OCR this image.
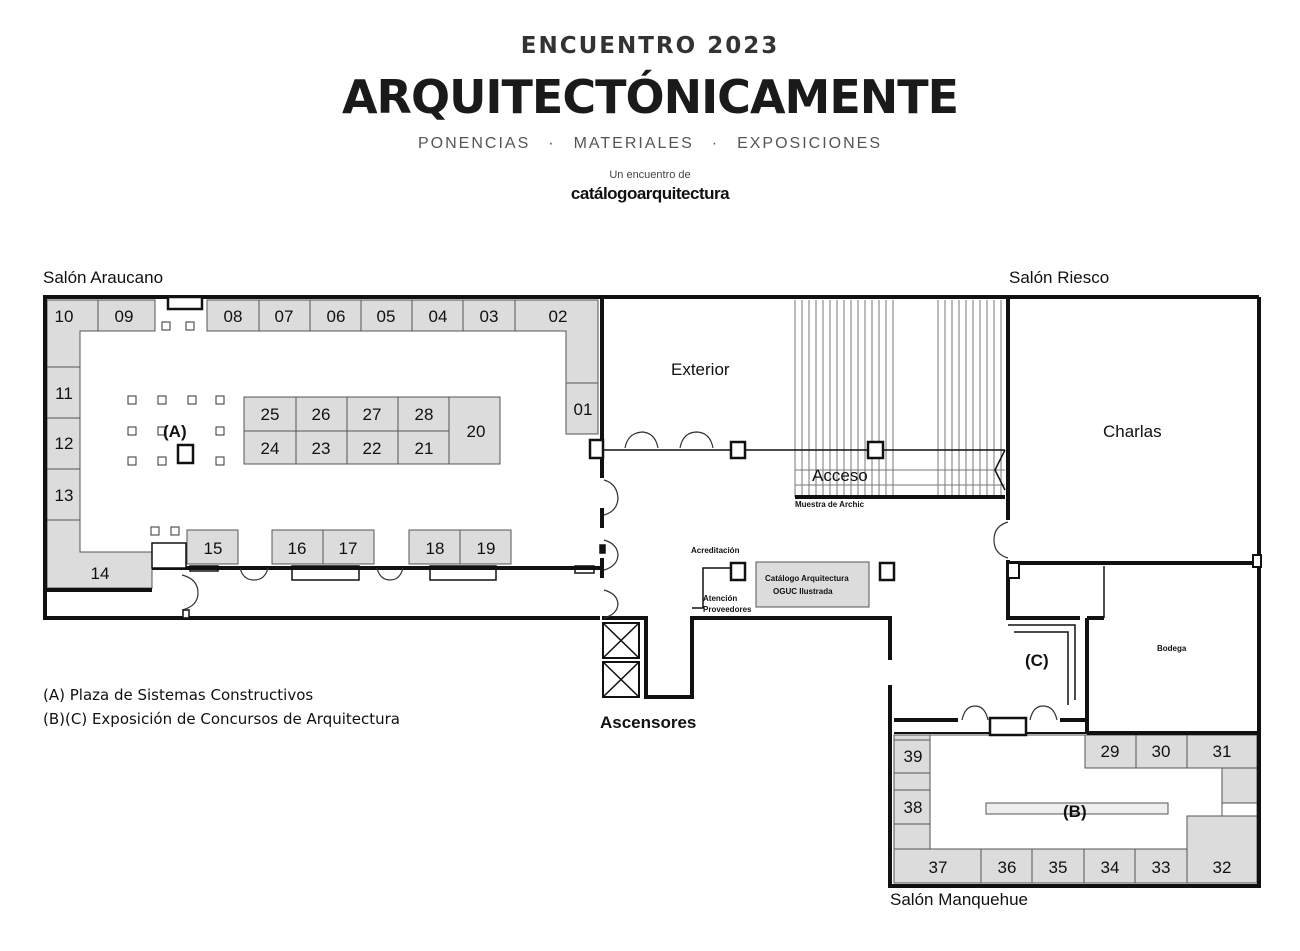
ENCUENTRO 2023
ARQUITECTÓNICAMENTE
PONENCIAS · MATERIALES · EXPOSICIONES
Un encuentro de
catálogoarquitectura
Salón Araucano	Salón Riesco
Salón Manquehue
Exterior
Charlas
Acceso
Muestra de Archic
Acreditación
Atención
Proveedores
Catálogo Arquitectura
OGUC Ilustrada
Bodega
Ascensores
(A)
(B)
(C)
10 09	08 07 06 05 04 03	02
01
11
12
13
14
25 26 27 28
24 23 22 21
20
15	16 17	18 19
29 30 31
39
38
37	36 35 34 33 32
(A) Plaza de Sistemas Constructivos
(B)(C) Exposición de Concursos de Arquitectura
